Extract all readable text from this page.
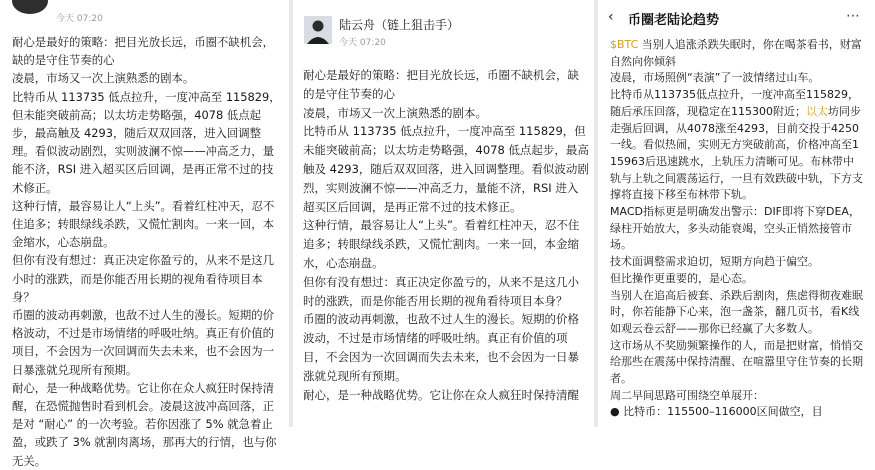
今天 07:20
耐心是最好的策略：把目光放长远，币圈不缺机会，缺的是守住节奏的心
凌晨，市场又一次上演熟悉的剧本。
比特币从 113735 低点拉升，一度冲高至 115829，但未能突破前高；以太坊走势略强，4078 低点起步，最高触及 4293，随后双双回落，进入回调整理。看似波动剧烈，实则波澜不惊——冲高乏力，量能不济，RSI 进入超买区后回调，是再正常不过的技术修正。
这种行情，最容易让人“上头”。看着红柱冲天，忍不住追多；转眼绿线杀跌，又慌忙割肉。一来一回，本金缩水，心态崩盘。
但你有没有想过：真正决定你盈亏的，从来不是这几小时的涨跌，而是你能否用长期的视角看待项目本身？
币圈的波动再刺激，也敌不过人生的漫长。短期的价格波动，不过是市场情绪的呼吸吐纳。真正有价值的项目，不会因为一次回调而失去未来，也不会因为一日暴涨就兑现所有预期。
耐心，是一种战略优势。它让你在众人疯狂时保持清醒，在恐慌抛售时看到机会。凌晨这波冲高回落，正是对 “耐心” 的一次考验。若你因涨了 5% 就急着止盈，或跌了 3% 就割肉离场，那再大的行情，也与你无关。
陆云舟（链上狙击手）
今天 07:20
耐心是最好的策略：把目光放长远，币圈不缺机会，缺的是守住节奏的心
凌晨，市场又一次上演熟悉的剧本。
比特币从 113735 低点拉升，一度冲高至 115829，但未能突破前高；以太坊走势略强，4078 低点起步，最高触及 4293，随后双双回落，进入回调整理。看似波动剧烈，实则波澜不惊——冲高乏力，量能不济，RSI 进入超买区后回调，是再正常不过的技术修正。
这种行情，最容易让人“上头”。看着红柱冲天，忍不住追多；转眼绿线杀跌，又慌忙割肉。一来一回，本金缩水，心态崩盘。
但你有没有想过：真正决定你盈亏的，从来不是这几小时的涨跌，而是你能否用长期的视角看待项目本身？
币圈的波动再刺激，也敌不过人生的漫长。短期的价格波动，不过是市场情绪的呼吸吐纳。真正有价值的项目，不会因为一次回调而失去未来，也不会因为一日暴涨就兑现所有预期。
耐心，是一种战略优势。它让你在众人疯狂时保持清醒
‹ 币圈老陆论趋势	⋯
$BTC 当别人追涨杀跌失眠时，你在喝茶看书，财富自然向你倾斜
凌晨，市场照例“表演”了一波情绪过山车。
比特币从113735低点拉升，一度冲高至115829，随后承压回落，现稳定在115300附近；以太坊同步走强后回调，从4078涨至4293，目前交投于4250一线。看似热闹，实则无方突破前高，价格冲高至115963后迅速跳水，上轨压力清晰可见。布林带中轨与上轨之间震荡运行，一旦有效跌破中轨，下方支撑将直接下移至布林带下轨。
MACD指标更是明确发出警示：DIF即将下穿DEA，绿柱开始放大，多头动能衰竭，空头正悄然接管市场。
技术面调整需求迫切，短期方向趋于偏空。
但比操作更重要的，是心态。
当别人在追高后被套、杀跌后割肉，焦虑得彻夜难眠时，你若能静下心来，泡一盏茶，翻几页书，看K线如观云卷云舒——那你已经赢了大多数人。
这市场从不奖励频繁操作的人，而是把财富，悄悄交给那些在震荡中保持清醒、在喧嚣里守住节奏的长期者。
周二早间思路可围绕空单展开：
● 比特币：115500–116000区间做空，目
